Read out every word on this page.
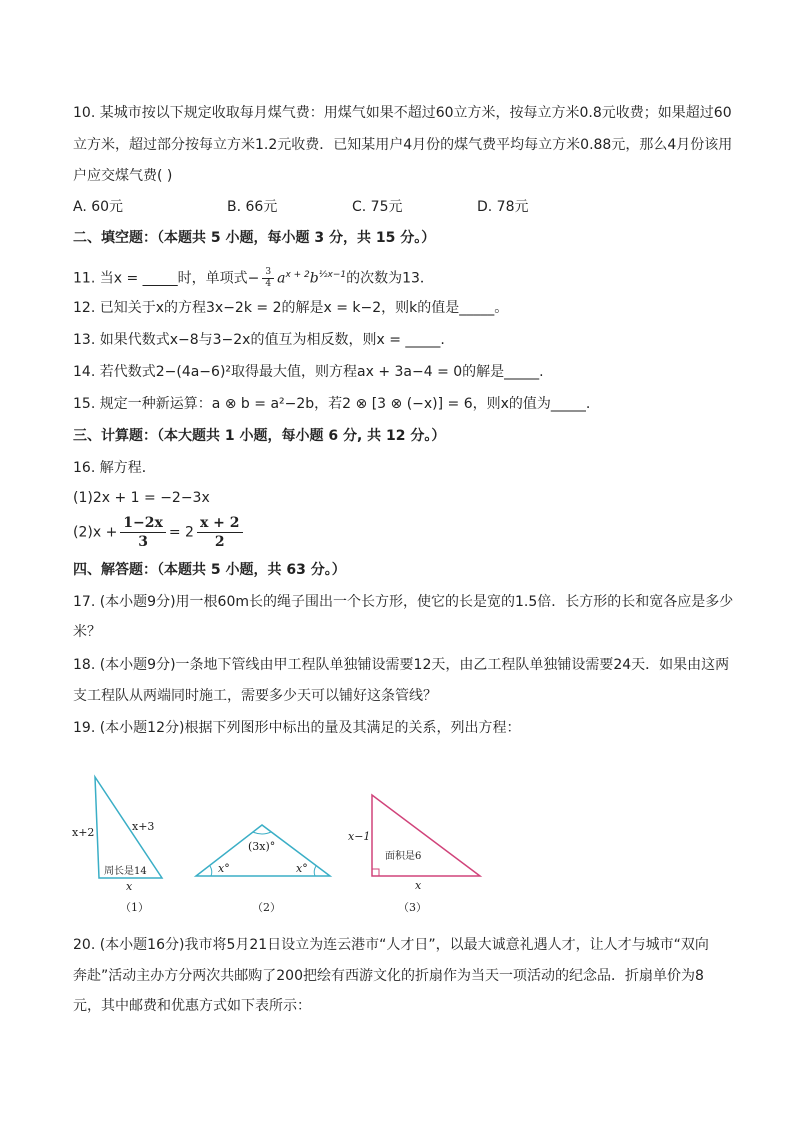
10. 某城市按以下规定收取每月煤气费：用煤气如果不超过60立方米，按每立方米0.8元收费；如果超过60
立方米，超过部分按每立方米1.2元收费．已知某用户4月份的煤气费平均每立方米0.88元，那么4月份该用
户应交煤气费( )
A. 60元	B. 66元	C. 75元	D. 78元
二、填空题：（本题共 5 小题，每小题 3 分，共 15 分。）
11. 当x = _____时，单项式− $\frac{3}{4} a^{x + 2}b^{\frac{1}{2}x-1}$的次数为13．
12. 已知关于x的方程3x−2k = 2的解是x = k−2，则k的值是_____。
13. 如果代数式x−8与3−2x的值互为相反数，则x = _____.
14. 若代数式2−(4a−6)²取得最大值，则方程ax + 3a−4 = 0的解是_____.
15. 规定一种新运算：a ⊗ b = a²−2b，若2 ⊗ [3 ⊗ (−x)] = 6，则x的值为_____.
三、计算题：（本大题共 1 小题，每小题 6 分, 共 12 分。）
16. 解方程．
(1)2x + 1 = −2−3x
$(2)x + \frac{1-2x}{3} = 2 \frac{x + 2}{2}$
四、解答题：（本题共 5 小题，共 63 分。）
17. (本小题9分)用一根60m长的绳子围出一个长方形，使它的长是宽的1.5倍．长方形的长和宽各应是多少
米？
18. (本小题9分)一条地下管线由甲工程队单独铺设需要12天，由乙工程队单独铺设需要24天．如果由这两
支工程队从两端同时施工，需要多少天可以铺好这条管线？
19. (本小题12分)根据下列图形中标出的量及其满足的关系，列出方程：
x+2	x+3
周长是14
x
（1）
(3x)°
x°	x°
（2）
x−1
面积是6
x
（3）
20. (本小题16分)我市将5月21日设立为连云港市“人才日”，以最大诚意礼遇人才，让人才与城市“双向
奔赴”活动主办方分两次共邮购了200把绘有西游文化的折扇作为当天一项活动的纪念品．折扇单价为8
元，其中邮费和优惠方式如下表所示：
